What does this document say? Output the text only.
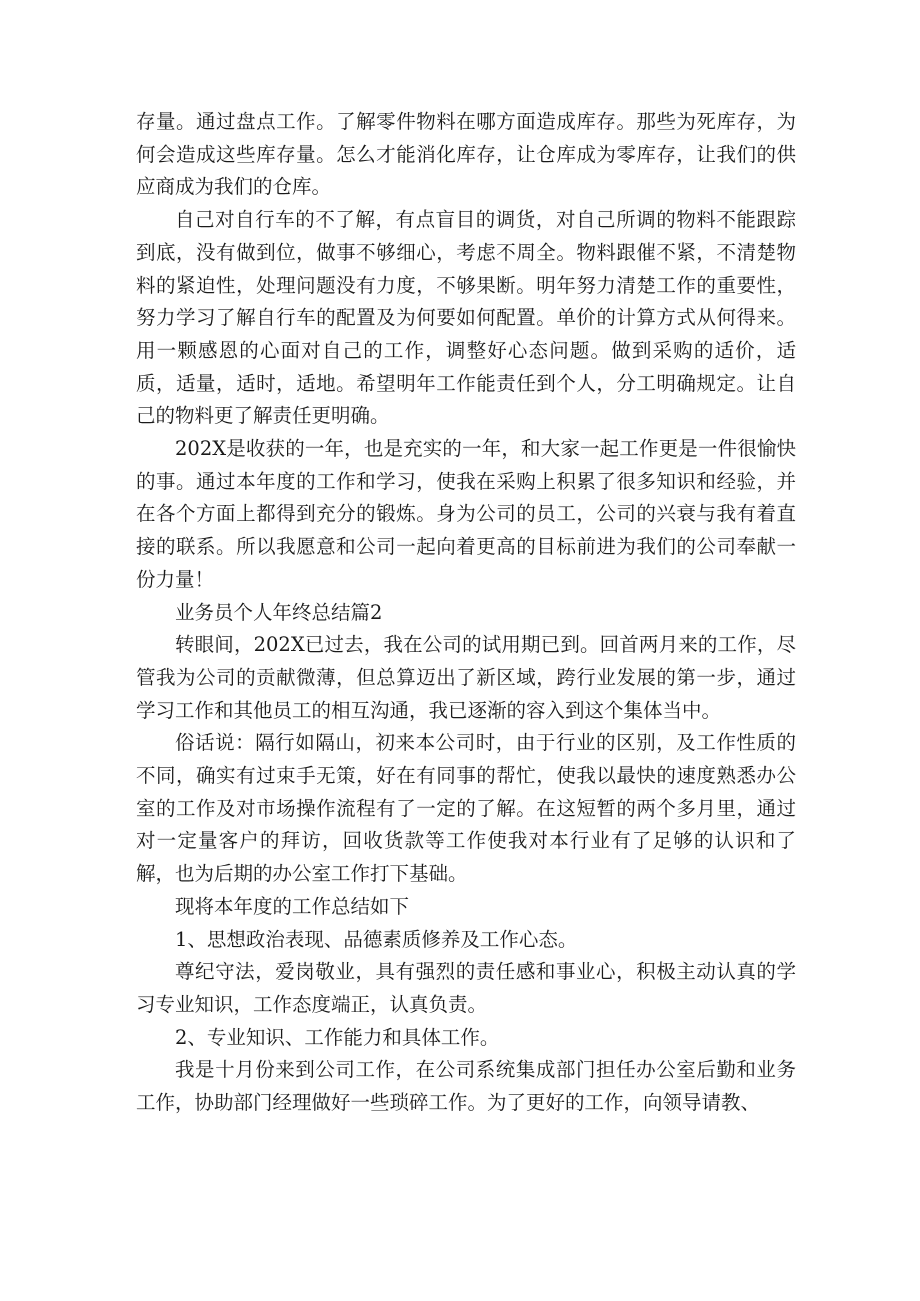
存量。通过盘点工作。了解零件物料在哪方面造成库存。那些为死库存，为何会造成这些库存量。怎么才能消化库存，让仓库成为零库存，让我们的供应商成为我们的仓库。

自己对自行车的不了解，有点盲目的调货，对自己所调的物料不能跟踪到底，没有做到位，做事不够细心，考虑不周全。物料跟催不紧，不清楚物料的紧迫性，处理问题没有力度，不够果断。明年努力清楚工作的重要性，努力学习了解自行车的配置及为何要如何配置。单价的计算方式从何得来。用一颗感恩的心面对自己的工作，调整好心态问题。做到采购的适价，适质，适量，适时，适地。希望明年工作能责任到个人，分工明确规定。让自己的物料更了解责任更明确。

202X是收获的一年，也是充实的一年，和大家一起工作更是一件很愉快的事。通过本年度的工作和学习，使我在采购上积累了很多知识和经验，并在各个方面上都得到充分的锻炼。身为公司的员工，公司的兴衰与我有着直接的联系。所以我愿意和公司一起向着更高的目标前进为我们的公司奉献一份力量！

业务员个人年终总结篇2

转眼间，202X已过去，我在公司的试用期已到。回首两月来的工作，尽管我为公司的贡献微薄，但总算迈出了新区域，跨行业发展的第一步，通过学习工作和其他员工的相互沟通，我已逐渐的容入到这个集体当中。

俗话说：隔行如隔山，初来本公司时，由于行业的区别，及工作性质的不同，确实有过束手无策，好在有同事的帮忙，使我以最快的速度熟悉办公室的工作及对市场操作流程有了一定的了解。在这短暂的两个多月里，通过对一定量客户的拜访，回收货款等工作使我对本行业有了足够的认识和了解，也为后期的办公室工作打下基础。

现将本年度的工作总结如下

1、思想政治表现、品德素质修养及工作心态。

尊纪守法，爱岗敬业，具有强烈的责任感和事业心，积极主动认真的学习专业知识，工作态度端正，认真负责。

2、专业知识、工作能力和具体工作。

我是十月份来到公司工作，在公司系统集成部门担任办公室后勤和业务工作，协助部门经理做好一些琐碎工作。为了更好的工作，向领导请教、
